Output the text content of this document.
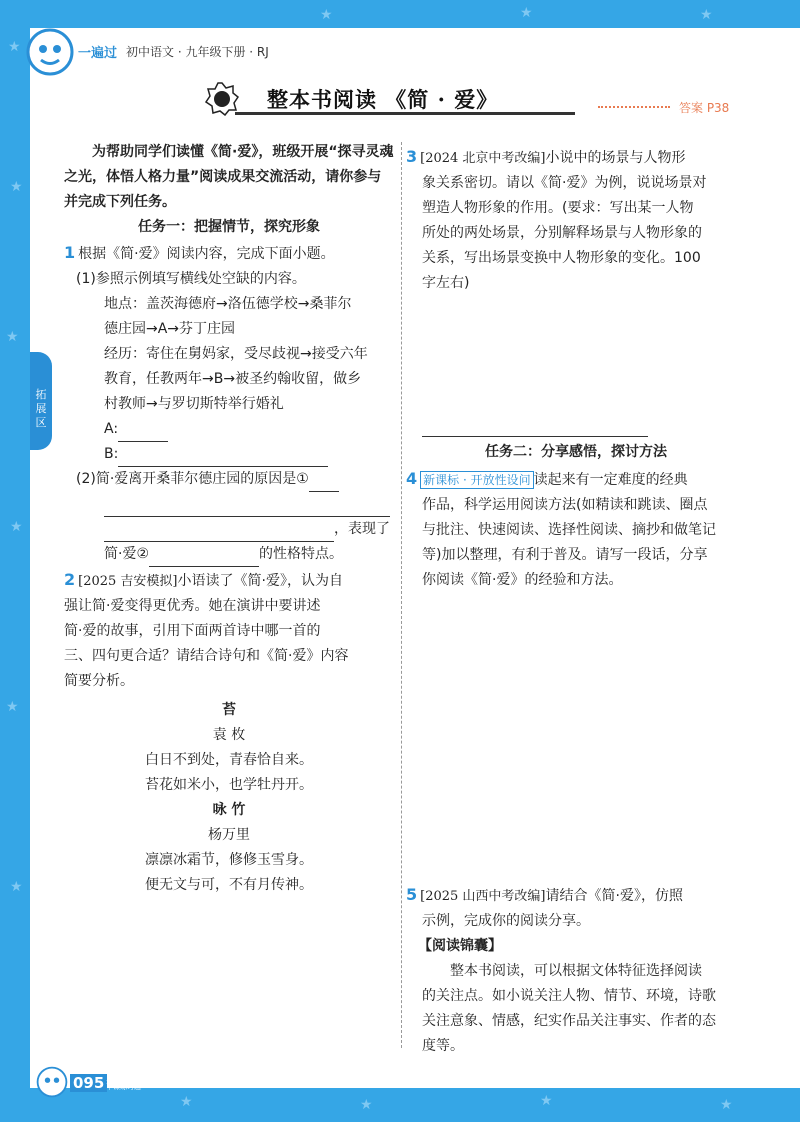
★
★
★
★
★
★
★	★	★	★
★	★	★
一遍过 初中语文 · 九年级下册 · RJ
整本书阅读 《简 · 爱》	答案 P38
拓展区

为帮助同学们读懂《简·爱》，班级开展“探寻灵魂之光，体悟人格力量”阅读成果交流活动，请你参与并完成下列任务。

任务一：把握情节，探究形象

1 根据《简·爱》阅读内容，完成下面小题。

(1)参照示例填写横线处空缺的内容。

地点：盖茨海德府→洛伍德学校→桑菲尔

德庄园→A→芬丁庄园

经历：寄住在舅妈家，受尽歧视→接受六年

教育，任教两年→B→被圣约翰收留，做乡

村教师→与罗切斯特举行婚礼

A:

B:

(2)简·爱离开桑菲尔德庄园的原因是①

，表现了

简·爱②	的性格特点。

2 [2025 吉安模拟]小语读了《简·爱》，认为自

强让简·爱变得更优秀。她在演讲中要讲述

简·爱的故事，引用下面两首诗中哪一首的

三、四句更合适？请结合诗句和《简·爱》内容

简要分析。

苔

袁 枚

白日不到处，青春恰自来。

苔花如米小，也学牡丹开。

咏 竹

杨万里

凛凛冰霜节，修修玉雪身。

便无文与可，不有月传神。

3 [2024 北京中考改编]小说中的场景与人物形

象关系密切。请以《简·爱》为例，说说场景对

塑造人物形象的作用。(要求：写出某一人物

所处的两处场景，分别解释场景与人物形象的

关系，写出场景变换中人物形象的变化。100

字左右)

任务二：分享感悟，探讨方法

4 新课标 · 开放性设问 读起来有一定难度的经典

作品，科学运用阅读方法(如精读和跳读、圈点

与批注、快速阅读、选择性阅读、摘抄和做笔记

等)加以整理，有利于普及。请写一段话，分享

你阅读《简·爱》的经验和方法。

5 [2025 山西中考改编]请结合《简·爱》，仿照

示例，完成你的阅读分享。

【阅读锦囊】

整本书阅读，可以根据文体特征选择阅读

的关注点。如小说关注人物、情节、环境，诗歌

关注意象、情感，纪实作品关注事实、作者的态

度等。

095 上课认真听
下课练习题
